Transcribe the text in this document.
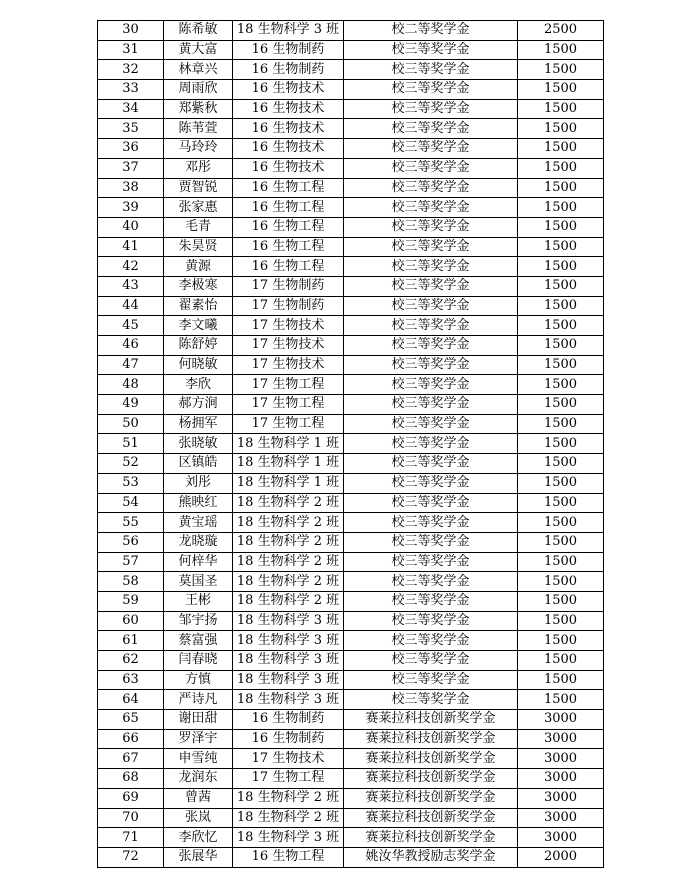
30	陈希敏	18 生物科学 3 班	校二等奖学金	2500
31	黄大富	16 生物制药	校三等奖学金	1500
32	林章兴	16 生物制药	校三等奖学金	1500
33	周雨欣	16 生物技术	校三等奖学金	1500
34	郑紫秋	16 生物技术	校三等奖学金	1500
35	陈苇萱	16 生物技术	校三等奖学金	1500
36	马玲玲	16 生物技术	校三等奖学金	1500
37	邓彤	16 生物技术	校三等奖学金	1500
38	贾智锐	16 生物工程	校三等奖学金	1500
39	张家惠	16 生物工程	校三等奖学金	1500
40	毛青	16 生物工程	校三等奖学金	1500
41	朱昊贤	16 生物工程	校三等奖学金	1500
42	黄源	16 生物工程	校三等奖学金	1500
43	李极寒	17 生物制药	校三等奖学金	1500
44	翟素怡	17 生物制药	校三等奖学金	1500
45	李文曦	17 生物技术	校三等奖学金	1500
46	陈舒婷	17 生物技术	校三等奖学金	1500
47	何晓敏	17 生物技术	校三等奖学金	1500
48	李欣	17 生物工程	校三等奖学金	1500
49	郝方涧	17 生物工程	校三等奖学金	1500
50	杨拥军	17 生物工程	校三等奖学金	1500
51	张晓敏	18 生物科学 1 班	校三等奖学金	1500
52	区镇皓	18 生物科学 1 班	校三等奖学金	1500
53	刘彤	18 生物科学 1 班	校三等奖学金	1500
54	熊映红	18 生物科学 2 班	校三等奖学金	1500
55	黄宝瑶	18 生物科学 2 班	校三等奖学金	1500
56	龙晓璇	18 生物科学 2 班	校三等奖学金	1500
57	何梓华	18 生物科学 2 班	校三等奖学金	1500
58	莫国圣	18 生物科学 2 班	校三等奖学金	1500
59	王彬	18 生物科学 2 班	校三等奖学金	1500
60	邹宇扬	18 生物科学 3 班	校三等奖学金	1500
61	蔡富强	18 生物科学 3 班	校三等奖学金	1500
62	闫春晓	18 生物科学 3 班	校三等奖学金	1500
63	方慎	18 生物科学 3 班	校三等奖学金	1500
64	严诗凡	18 生物科学 3 班	校三等奖学金	1500
65	谢田甜	16 生物制药	赛莱拉科技创新奖学金	3000
66	罗泽宇	16 生物制药	赛莱拉科技创新奖学金	3000
67	申雪纯	17 生物技术	赛莱拉科技创新奖学金	3000
68	龙润东	17 生物工程	赛莱拉科技创新奖学金	3000
69	曾茜	18 生物科学 2 班	赛莱拉科技创新奖学金	3000
70	张岚	18 生物科学 2 班	赛莱拉科技创新奖学金	3000
71	李欣忆	18 生物科学 3 班	赛莱拉科技创新奖学金	3000
72	张展华	16 生物工程	姚汝华教授励志奖学金	2000
